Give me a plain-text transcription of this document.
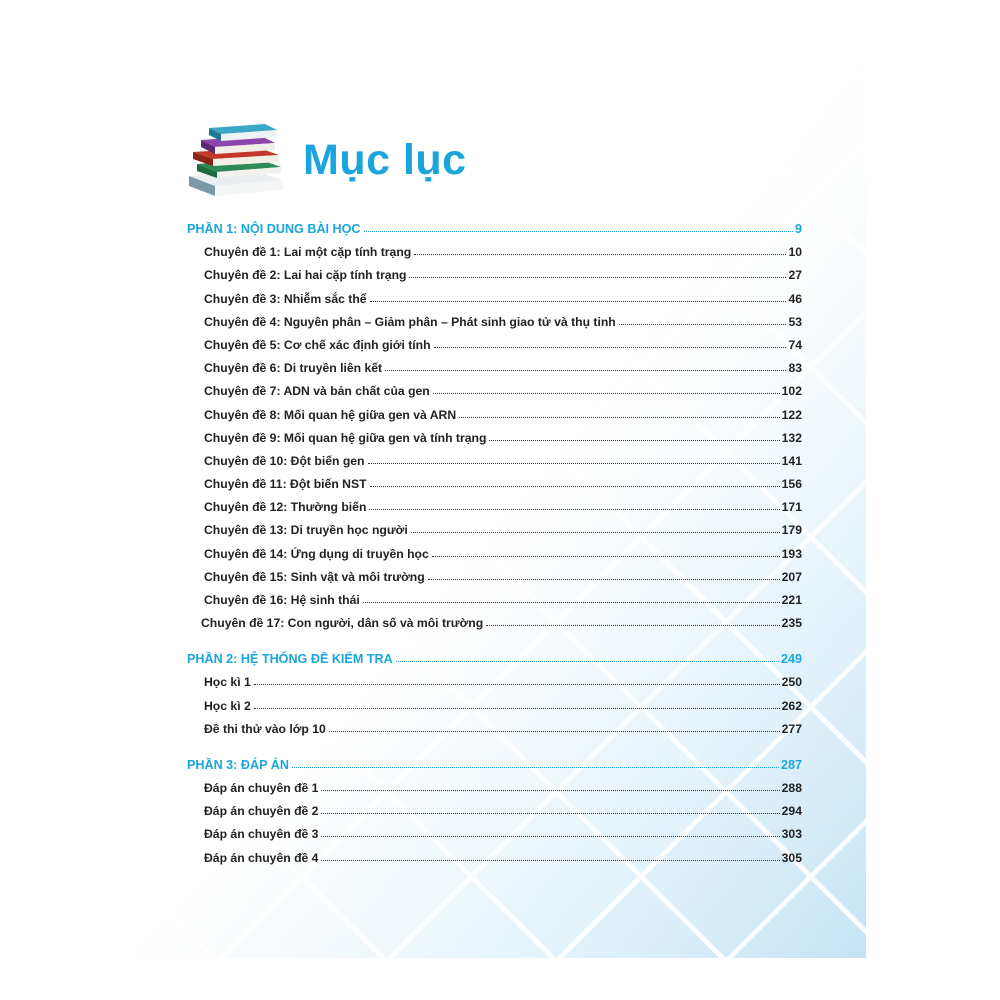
Mục lục
PHẦN 1: NỘI DUNG BÀI HỌC	9
Chuyên đề 1: Lai một cặp tính trạng	10
Chuyên đề 2: Lai hai cặp tính trạng	27
Chuyên đề 3: Nhiễm sắc thể	46
Chuyên đề 4: Nguyên phân – Giảm phân – Phát sinh giao tử và thụ tinh	53
Chuyên đề 5: Cơ chế xác định giới tính	74
Chuyên đề 6: Di truyền liên kết	83
Chuyên đề 7: ADN và bản chất của gen	102
Chuyên đề 8: Mối quan hệ giữa gen và ARN	122
Chuyên đề 9: Mối quan hệ giữa gen và tính trạng	132
Chuyên đề 10: Đột biến gen	141
Chuyên đề 11: Đột biến NST	156
Chuyên đề 12: Thường biến	171
Chuyên đề 13: Di truyền học người	179
Chuyên đề 14: Ứng dụng di truyền học	193
Chuyên đề 15: Sinh vật và môi trường	207
Chuyên đề 16: Hệ sinh thái	221
Chuyên đề 17: Con người, dân số và môi trường	235
PHẦN 2: HỆ THỐNG ĐỀ KIỂM TRA	249
Học kì 1	250
Học kì 2	262
Đề thi thử vào lớp 10	277
PHẦN 3: ĐÁP ÁN	287
Đáp án chuyên đề 1	288
Đáp án chuyên đề 2	294
Đáp án chuyên đề 3	303
Đáp án chuyên đề 4	305
